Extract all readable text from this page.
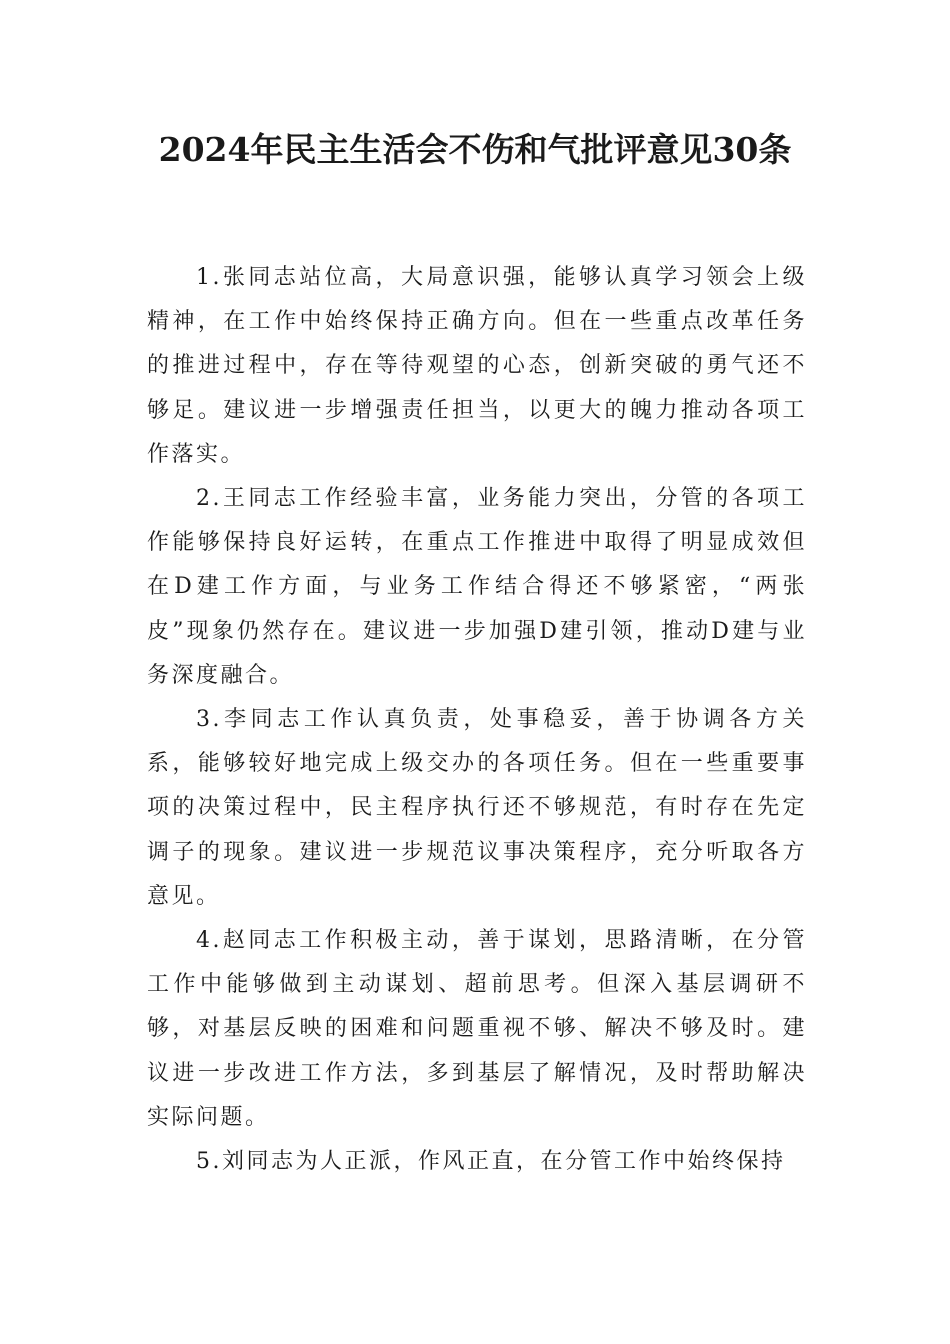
2024年民主生活会不伤和气批评意见30条

1.张同志站位高，大局意识强，能够认真学习领会上级精神，在工作中始终保持正确方向。但在一些重点改革任务的推进过程中，存在等待观望的心态，创新突破的勇气还不够足。建议进一步增强责任担当，以更大的魄力推动各项工作落实。

2.王同志工作经验丰富，业务能力突出，分管的各项工作能够保持良好运转，在重点工作推进中取得了明显成效但在D建工作方面，与业务工作结合得还不够紧密，“两张皮”现象仍然存在。建议进一步加强D建引领，推动D建与业务深度融合。

3.李同志工作认真负责，处事稳妥，善于协调各方关系，能够较好地完成上级交办的各项任务。但在一些重要事项的决策过程中，民主程序执行还不够规范，有时存在先定调子的现象。建议进一步规范议事决策程序，充分听取各方意见。

4.赵同志工作积极主动，善于谋划，思路清晰，在分管工作中能够做到主动谋划、超前思考。但深入基层调研不够，对基层反映的困难和问题重视不够、解决不够及时。建议进一步改进工作方法，多到基层了解情况，及时帮助解决实际问题。

5.刘同志为人正派，作风正直，在分管工作中始终保持
